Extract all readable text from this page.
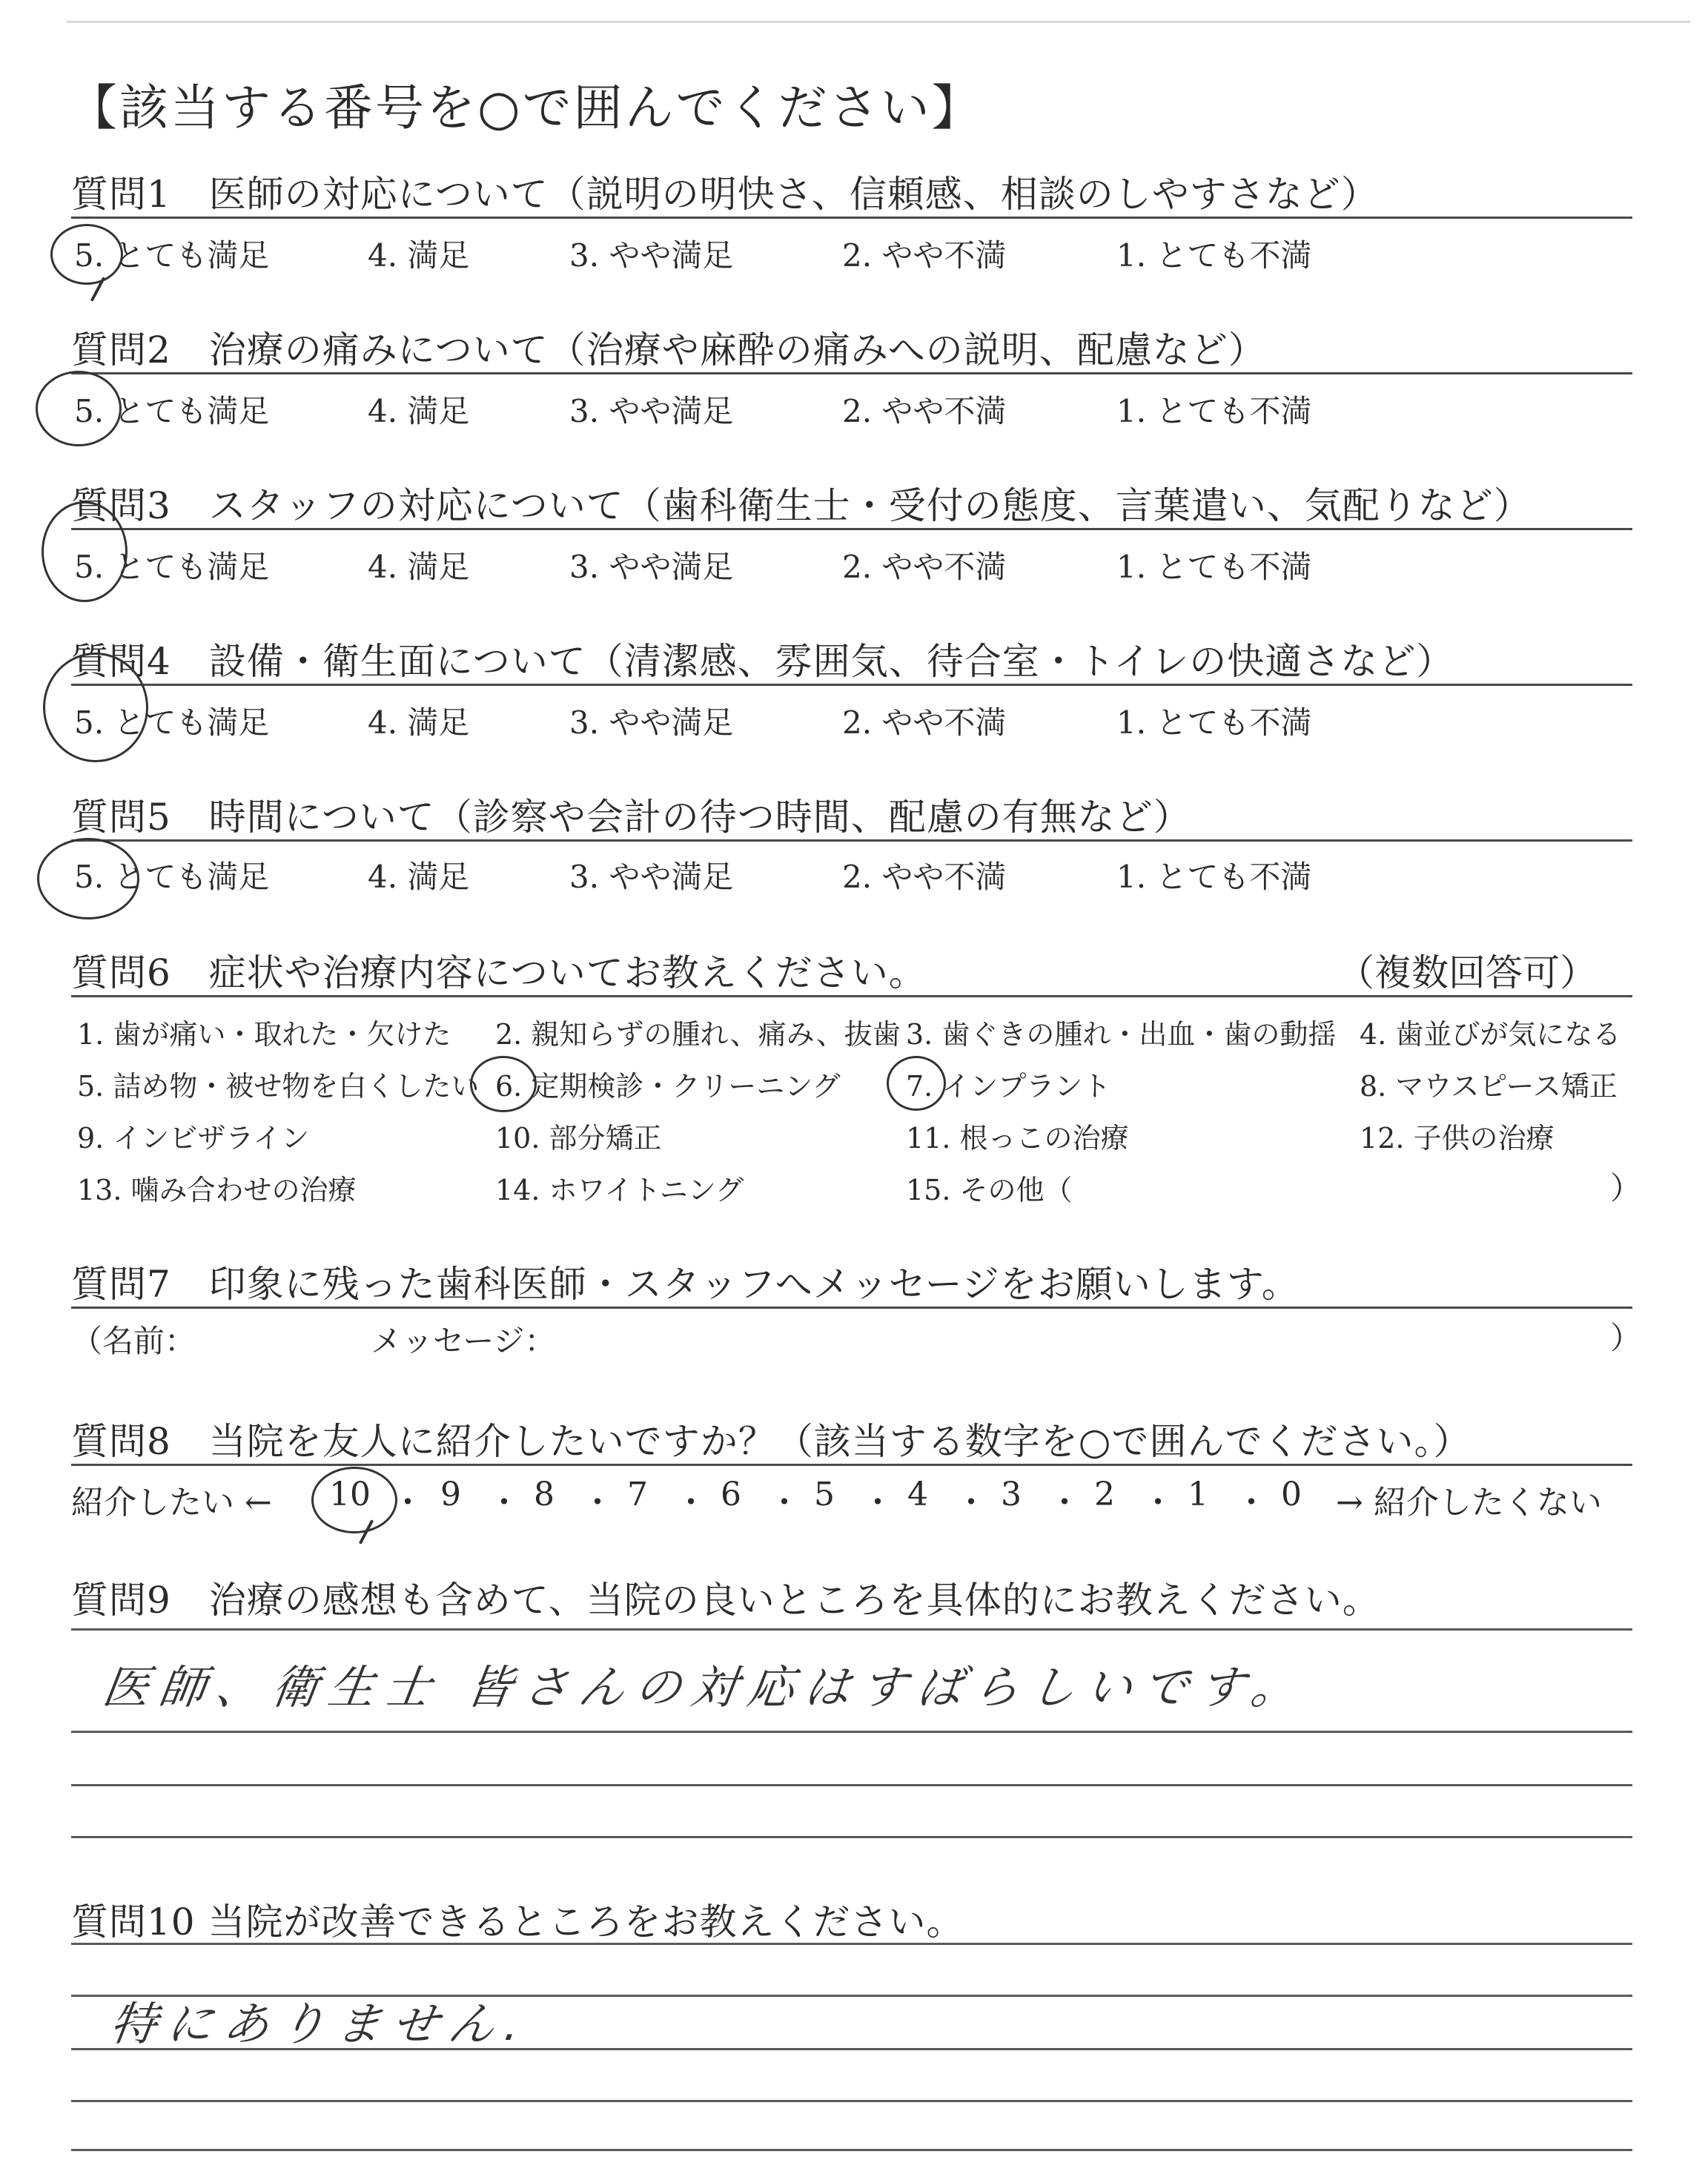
【該当する番号を○で囲んでください】
質問1　医師の対応について（説明の明快さ、信頼感、相談のしやすさなど）
5. とても満足	4. 満足	3. やや満足	2. やや不満	1. とても不満
質問2　治療の痛みについて（治療や麻酔の痛みへの説明、配慮など）
5. とても満足	4. 満足	3. やや満足	2. やや不満	1. とても不満
質問3　スタッフの対応について（歯科衛生士・受付の態度、言葉遣い、気配りなど）
5. とても満足	4. 満足	3. やや満足	2. やや不満	1. とても不満
質問4　設備・衛生面について（清潔感、雰囲気、待合室・トイレの快適さなど）
5. とても満足	4. 満足	3. やや満足	2. やや不満	1. とても不満
質問5　時間について（診察や会計の待つ時間、配慮の有無など）
5. とても満足	4. 満足	3. やや満足	2. やや不満	1. とても不満
質問6　症状や治療内容についてお教えください。	（複数回答可）
1. 歯が痛い・取れた・欠けた 2. 親知らずの腫れ、痛み、抜歯 3. 歯ぐきの腫れ・出血・歯の動揺 4. 歯並びが気になる
5. 詰め物・被せ物を白くしたい 6. 定期検診・クリーニング 7. インプラント	8. マウスピース矯正
9. インビザライン	10. 部分矯正	11. 根っこの治療	12. 子供の治療
13. 噛み合わせの治療	14. ホワイトニング	15. その他（	）
質問7　印象に残った歯科医師・スタッフへメッセージをお願いします。
（名前：	メッセージ：	）
質問8　当院を友人に紹介したいですか？（該当する数字を○で囲んでください。）
紹介したい ← 10 ・ 9 ・ 8 ・ 7 ・ 6 ・ 5 ・ 4 ・ 3 ・ 2 ・ 1 ・ 0 → 紹介したくない
質問9　治療の感想も含めて、当院の良いところを具体的にお教えください。
医師、衛生士 皆さんの対応はすばらしいです。
質問10 当院が改善できるところをお教えください。
特にありません.
